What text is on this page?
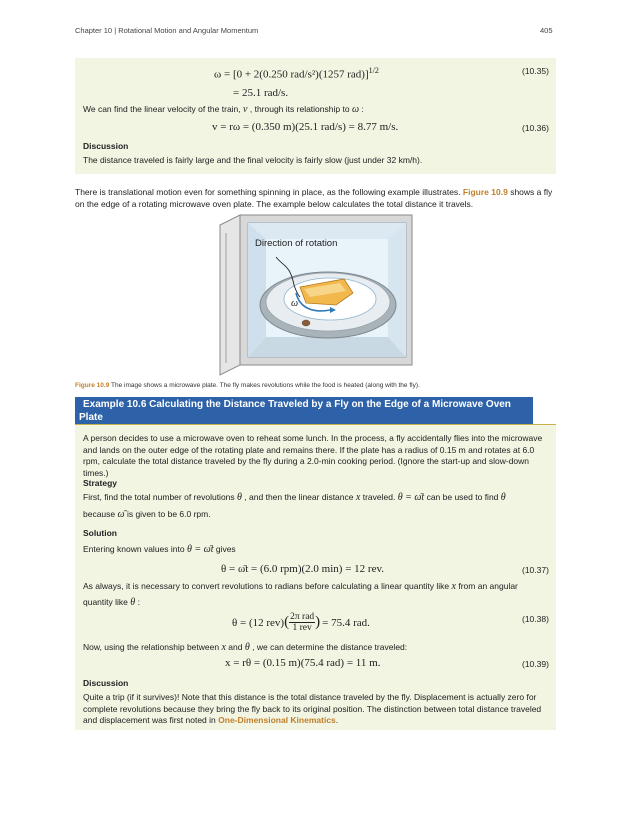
Chapter 10 | Rotational Motion and Angular Momentum	405
ω = [0 + 2(0.250 rad/s²)(1257 rad)]$^{1/2}$	(10.35)
= 25.1 rad/s.
We can find the linear velocity of the train, v , through its relationship to ω :
v = rω = (0.350 m)(25.1 rad/s) = 8.77 m/s.	(10.36)
Discussion
The distance traveled is fairly large and the final velocity is fairly slow (just under 32 km/h).
There is translational motion even for something spinning in place, as the following example illustrates. Figure 10.9 shows a fly on the edge of a rotating microwave oven plate. The example below calculates the total distance it travels.
Direction of rotation
ω
Figure 10.9 The image shows a microwave plate. The fly makes revolutions while the food is heated (along with the fly).
Example 10.6 Calculating the Distance Traveled by a Fly on the Edge of a Microwave Oven
Plate
A person decides to use a microwave oven to reheat some lunch. In the process, a fly accidentally flies into the microwave and lands on the outer edge of the rotating plate and remains there. If the plate has a radius of 0.15 m and rotates at 6.0 rpm, calculate the total distance traveled by the fly during a 2.0-min cooking period. (Ignore the start-up and slow-down times.)
Strategy
First, find the total number of revolutions θ , and then the linear distance x traveled. θ = ω̄t can be used to find θ
because ω̄ is given to be 6.0 rpm.
Solution
Entering known values into θ = ω̄t gives
θ = ω̄t = (6.0 rpm)(2.0 min) = 12 rev.	(10.37)
As always, it is necessary to convert revolutions to radians before calculating a linear quantity like x from an angular
quantity like θ :
θ = (12 rev) ( 2π rad
1 rev ) = 75.4 rad.	(10.38)
Now, using the relationship between x and θ , we can determine the distance traveled:
x = rθ = (0.15 m)(75.4 rad) = 11 m.	(10.39)
Discussion
Quite a trip (if it survives)! Note that this distance is the total distance traveled by the fly. Displacement is actually zero for complete revolutions because they bring the fly back to its original position. The distinction between total distance traveled and displacement was first noted in One-Dimensional Kinematics.
